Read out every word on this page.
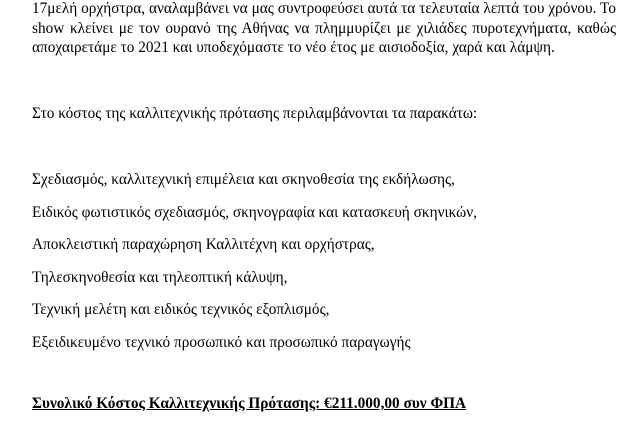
17μελή ορχήστρα, αναλαμβάνει να μας συντροφεύσει αυτά τα τελευταία λεπτά του χρόνου. Το show κλείνει με τον ουρανό της Αθήνας να πλημμυρίζει με χιλιάδες πυροτεχνήματα, καθώς αποχαιρετάμε το 2021 και υποδεχόμαστε το νέο έτος με αισιοδοξία, χαρά και λάμψη.

Στο κόστος της καλλιτεχνικής πρότασης περιλαμβάνονται τα παρακάτω:

Σχεδιασμός, καλλιτεχνική επιμέλεια και σκηνοθεσία της εκδήλωσης,
Ειδικός φωτιστικός σχεδιασμός, σκηνογραφία και κατασκευή σκηνικών,
Αποκλειστική παραχώρηση Καλλιτέχνη και ορχήστρας,
Τηλεσκηνοθεσία και τηλεοπτική κάλυψη,
Τεχνική μελέτη και ειδικός τεχνικός εξοπλισμός,
Εξειδικευμένο τεχνικό προσωπικό και προσωπικό παραγωγής

Συνολικό Κόστος Καλλιτεχνικής Πρότασης: €211.000,00 συν ΦΠΑ
